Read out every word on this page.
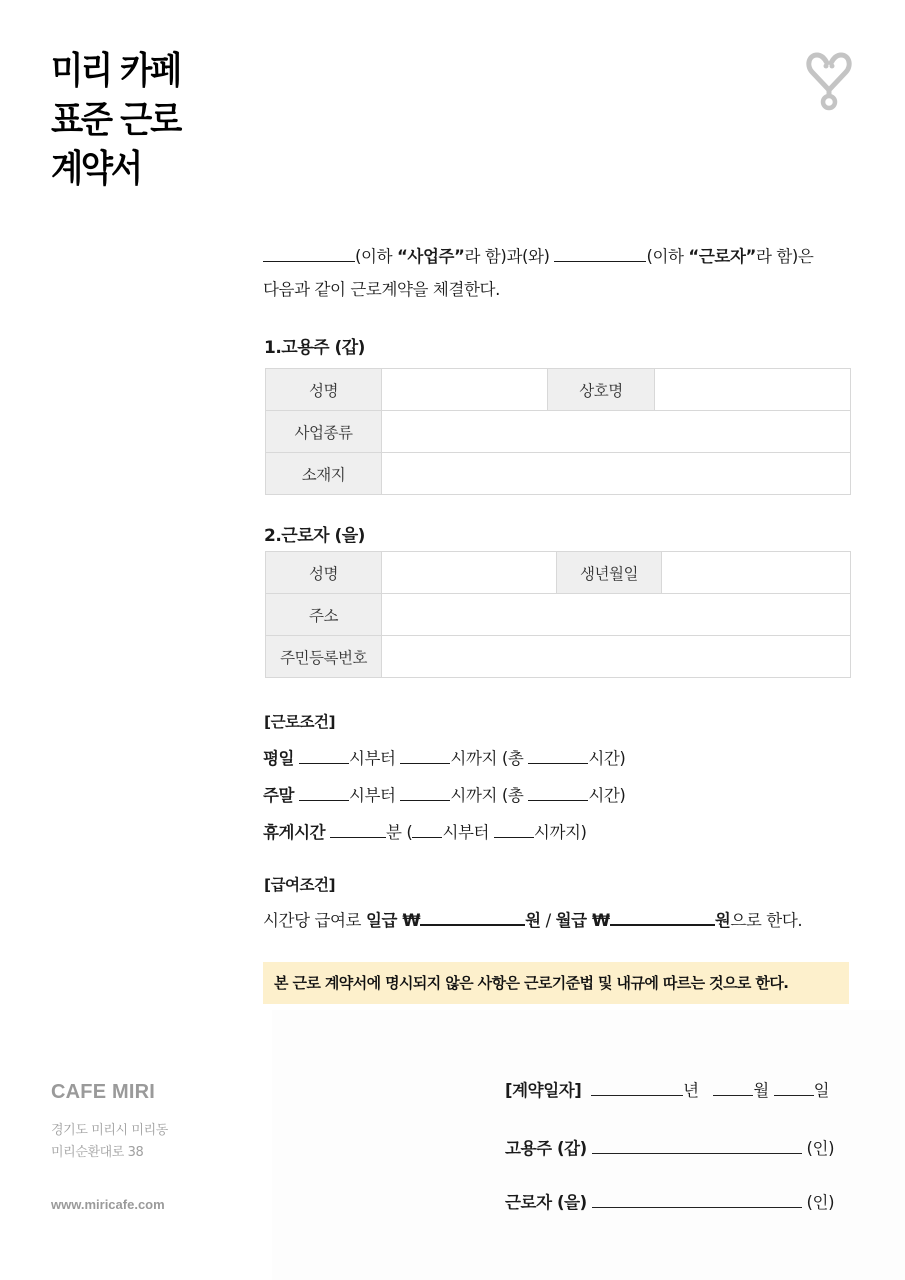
미리 카페
표준 근로
계약서
(이하 “사업주”라 함)과(와)	(이하 “근로자”라 함)은
다음과 같이 근로계약을 체결한다.
1.고용주 (갑)
성명		상호명	
사업종류			
소재지			
2.근로자 (을)
성명		생년월일	
주소			
주민등록번호			
[근로조건]
평일	시부터	시까지 (총	시간)
주말	시부터	시까지 (총	시간)
휴게시간	분 ( 시부터	시까지)
[급여조건]
시간당 급여로 일급 ₩	원 / 월급 ₩	원으로 한다.
본 근로 계약서에 명시되지 않은 사항은 근로기준법 및 내규에 따르는 것으로 한다.
CAFE MIRI
경기도 미리시 미리동
미리순환대로 38
www.miricafe.com
[계약일자]	년	월	일
고용주 (갑)	(인)
근로자 (을)	(인)
